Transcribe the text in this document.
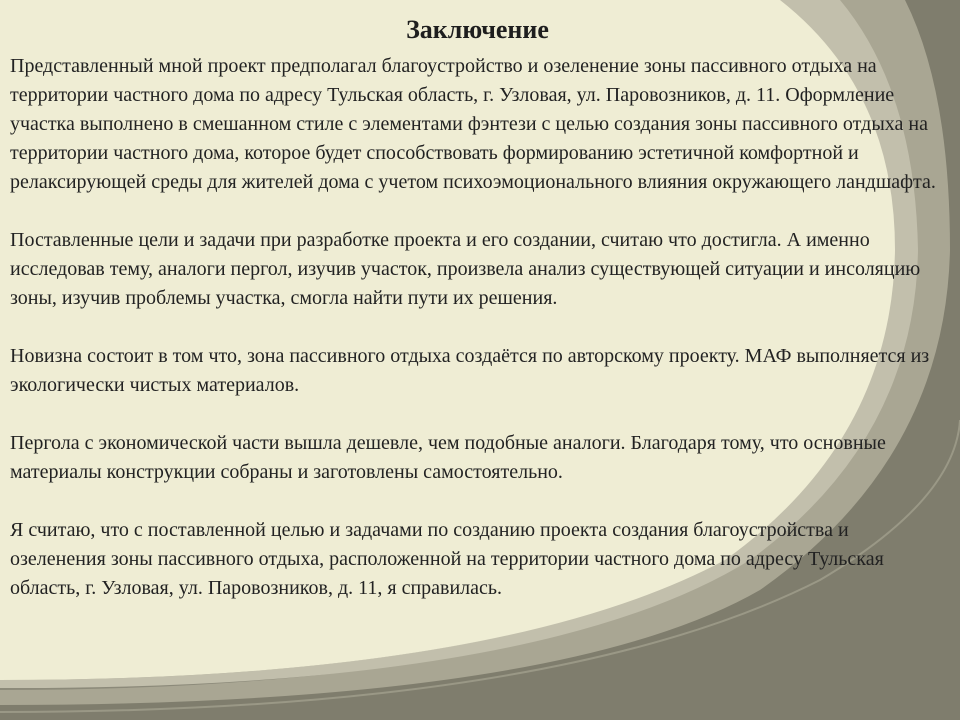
Заключение
Представленный мной проект предполагал благоустройство и озеленение зоны пассивного отдыха на территории частного дома по адресу Тульская область, г. Узловая, ул. Паровозников, д. 11. Оформление участка выполнено в смешанном стиле с элементами фэнтези с целью создания зоны пассивного отдыха на территории частного дома, которое будет способствовать формированию эстетичной комфортной и релаксирующей среды для жителей дома с учетом психоэмоционального влияния окружающего ландшафта.
Поставленные цели и задачи при разработке проекта и его создании, считаю что достигла. А именно исследовав тему, аналоги пергол, изучив участок, произвела анализ существующей ситуации и инсоляцию зоны, изучив проблемы участка, смогла найти пути их решения.
Новизна состоит в том что, зона пассивного отдыха создаётся по авторскому проекту. МАФ выполняется из экологически чистых материалов.
Пергола с экономической части вышла дешевле, чем подобные аналоги. Благодаря тому, что основные материалы конструкции собраны и заготовлены самостоятельно.
Я считаю, что с поставленной целью и задачами по созданию проекта создания благоустройства и озеленения зоны пассивного отдыха, расположенной на территории частного дома по адресу Тульская область, г. Узловая, ул. Паровозников, д. 11, я справилась.
